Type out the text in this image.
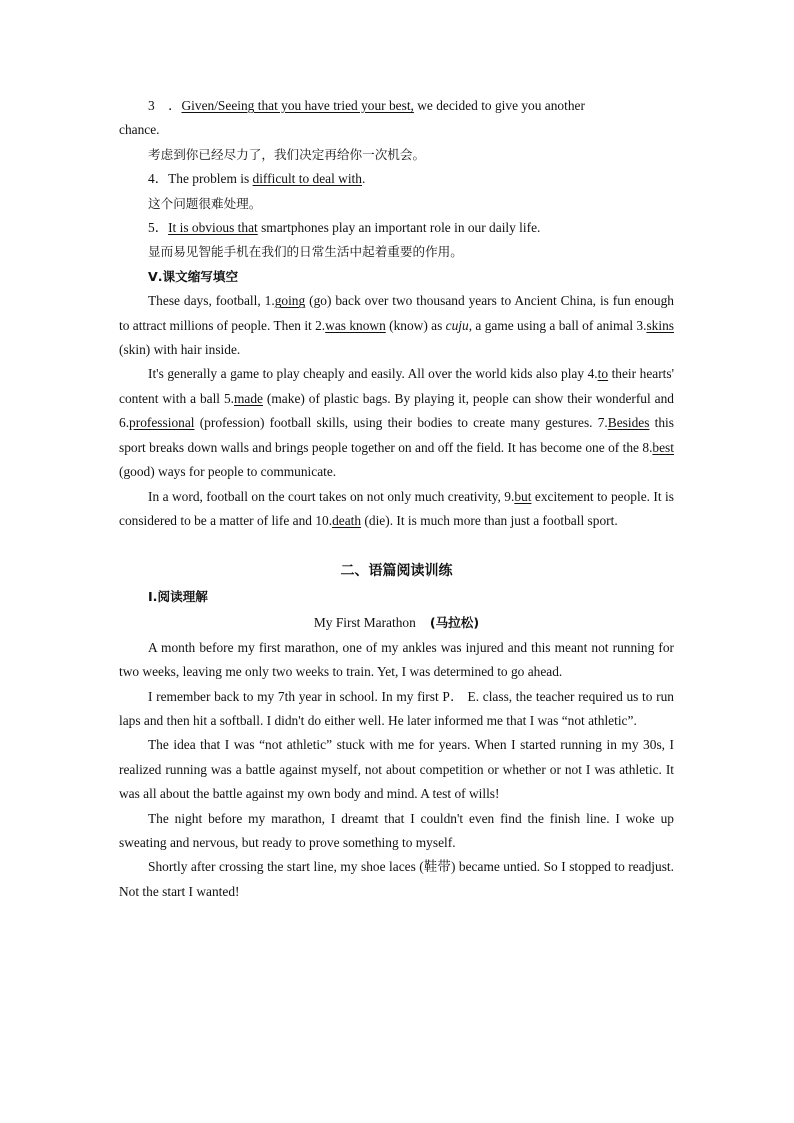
3    ．Given/Seeing that you have tried your best, we decided to give you another
chance.

考虑到你已经尽力了，我们决定再给你一次机会。

4．The problem is difficult to deal with.

这个问题很难处理。

5．It is obvious that smartphones play an important role in our daily life.

显而易见智能手机在我们的日常生活中起着重要的作用。

Ⅴ.课文缩写填空

These days, football, 1.going (go) back over two thousand years to Ancient China, is fun enough to attract millions of people. Then it 2.was known (know) as cuju, a game using a ball of animal 3.skins (skin) with hair inside.

It's generally a game to play cheaply and easily. All over the world kids also play 4.to their hearts' content with a ball 5.made (make) of plastic bags. By playing it, people can show their wonderful and 6.professional (profession) football skills, using their bodies to create many gestures. 7.Besides this sport breaks down walls and brings people together on and off the field. It has become one of the 8.best (good) ways for people to communicate.

In a word, football on the court takes on not only much creativity, 9.but excitement to people. It is considered to be a matter of life and 10.death (die). It is much more than just a football sport.

二、语篇阅读训练

Ⅰ.阅读理解

My First Marathon (马拉松)

A month before my first marathon, one of my ankles was injured and this meant not running for two weeks, leaving me only two weeks to train. Yet, I was determined to go ahead.

I remember back to my 7th year in school. In my first P． E. class, the teacher required us to run laps and then hit a softball. I didn't do either well. He later informed me that I was “not athletic”.

The idea that I was “not athletic” stuck with me for years. When I started running in my 30s, I realized running was a battle against myself, not about competition or whether or not I was athletic. It was all about the battle against my own body and mind. A test of wills!

The night before my marathon, I dreamt that I couldn't even find the finish line. I woke up sweating and nervous, but ready to prove something to myself.

Shortly after crossing the start line, my shoe laces (鞋带) became untied. So I stopped to readjust. Not the start I wanted!
